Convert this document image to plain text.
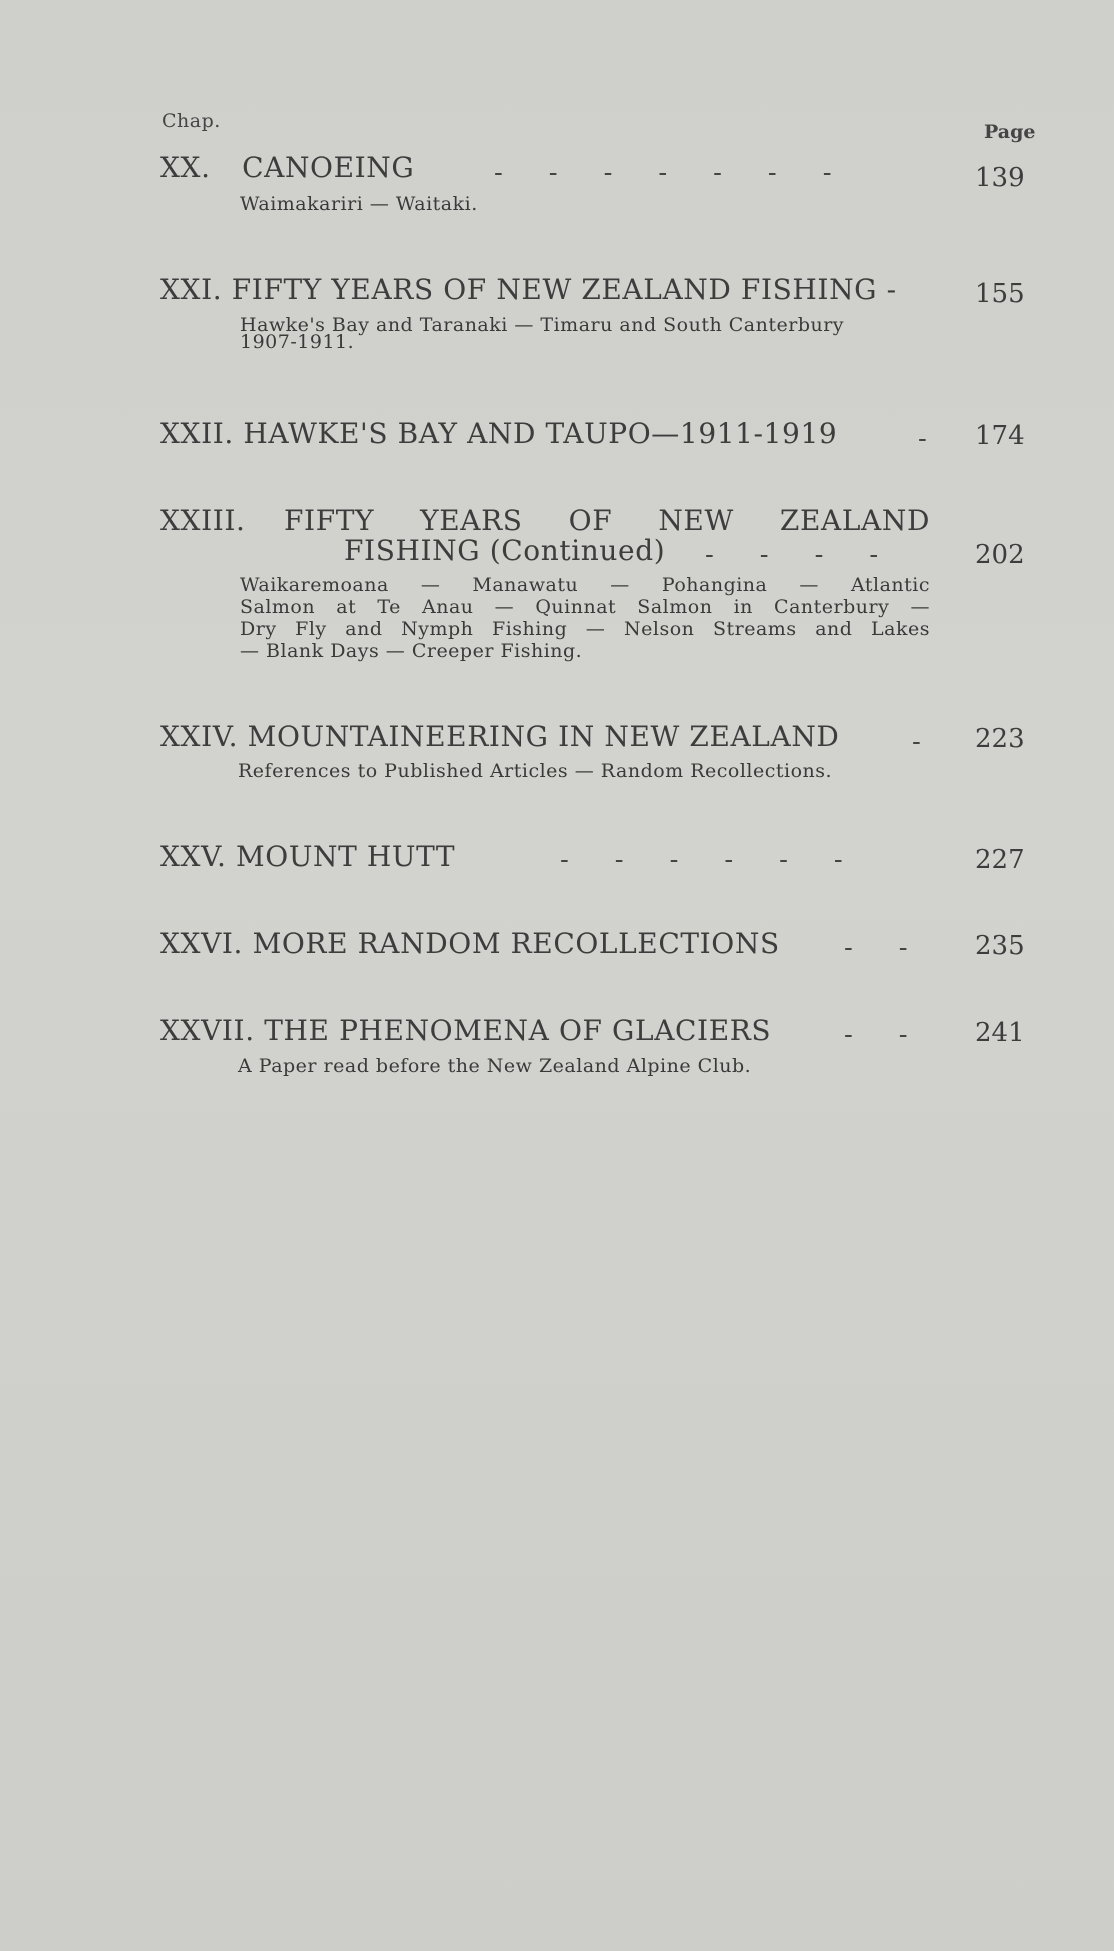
Chap.	Page
XX. CANOEING	-------	139
Waimakariri — Waitaki.
XXI. FIFTY YEARS OF NEW ZEALAND FISHING -	155
Hawke's Bay and Taranaki — Timaru and South Canterbury
1907-1911.
XXII. HAWKE'S BAY AND TAUPO—1911-1919	- 174
XXIII. FIFTY YEARS OF NEW ZEALAND
FISHING (Continued) ---- 202
Waikaremoana — Manawatu — Pohangina — Atlantic
Salmon at Te Anau — Quinnat Salmon in Canterbury —
Dry Fly and Nymph Fishing — Nelson Streams and Lakes
— Blank Days — Creeper Fishing.
XXIV. MOUNTAINEERING IN NEW ZEALAND	- 223
References to Published Articles — Random Recollections.
XXV. MOUNT HUTT	------	227
XXVI. MORE RANDOM RECOLLECTIONS -- 235
XXVII. THE PHENOMENA OF GLACIERS	-- 241
A Paper read before the New Zealand Alpine Club.
